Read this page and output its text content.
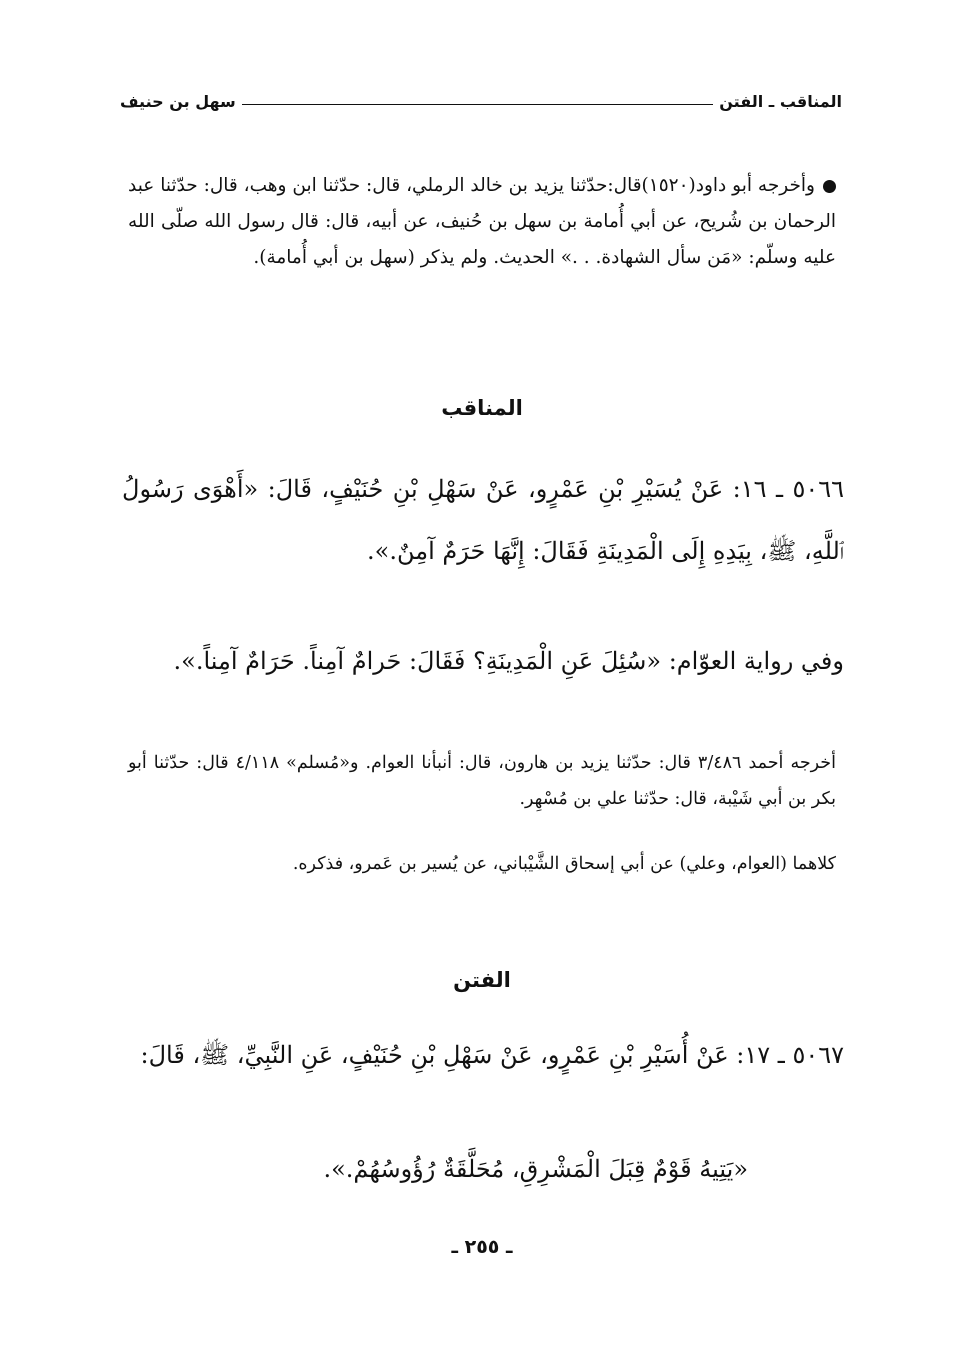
المناقب ـ الفتن
سهل بن حنيف
وأخرجه أبو داود(١٥٢٠)قال:حدّثنا يزيد بن خالد الرملي، قال: حدّثنا ابن وهب، قال: حدّثنا عبد الرحمان بن شُريح، عن أبي أُمامة بن سهل بن حُنيف، عن أبيه، قال: قال رسول الله صلّى الله عليه وسلّم: «مَن سأل الشهادة. . .» الحديث. ولم يذكر (سهل بن أبي أُمامة).
المناقب
٥٠٦٦ ـ ١٦: عَنْ يُسَيْرِ بْنِ عَمْرٍو، عَنْ سَهْلِ بْنِ حُنَيْفٍ، قَالَ: «أَهْوَى رَسُولُ ٱللَّهِ، ﷺ، بِيَدِهِ إِلَى الْمَدِينَةِ فَقَالَ: إِنَّهَا حَرَمٌ آمِنٌ.».
وفي رواية العوّام: «سُئِلَ عَنِ الْمَدِينَةِ؟ فَقَالَ: حَرامٌ آمِناً. حَرَامٌ آمِناً.».
أخرجه أحمد ٣/٤٨٦ قال: حدّثنا يزيد بن هارون، قال: أنبأنا العوام. و«مُسلم» ٤/١١٨ قال: حدّثنا أبو بكر بن أبي شَيْبة، قال: حدّثنا علي بن مُسْهِر.
كلاهما (العوام، وعلي) عن أبي إسحاق الشَّيْباني، عن يُسير بن عَمرو، فذكره.
الفتن
٥٠٦٧ ـ ١٧: عَنْ أُسَيْرِ بْنِ عَمْرٍو، عَنْ سَهْلِ بْنِ حُنَيْفٍ، عَنِ النَّبِيِّ، ﷺ، قَالَ:
«يَتِيهُ قَوْمٌ قِبَلَ الْمَشْرِقِ، مُحَلَّقَةٌ رُؤُوسُهُمْ.».
ـ ٢٥٥ ـ
